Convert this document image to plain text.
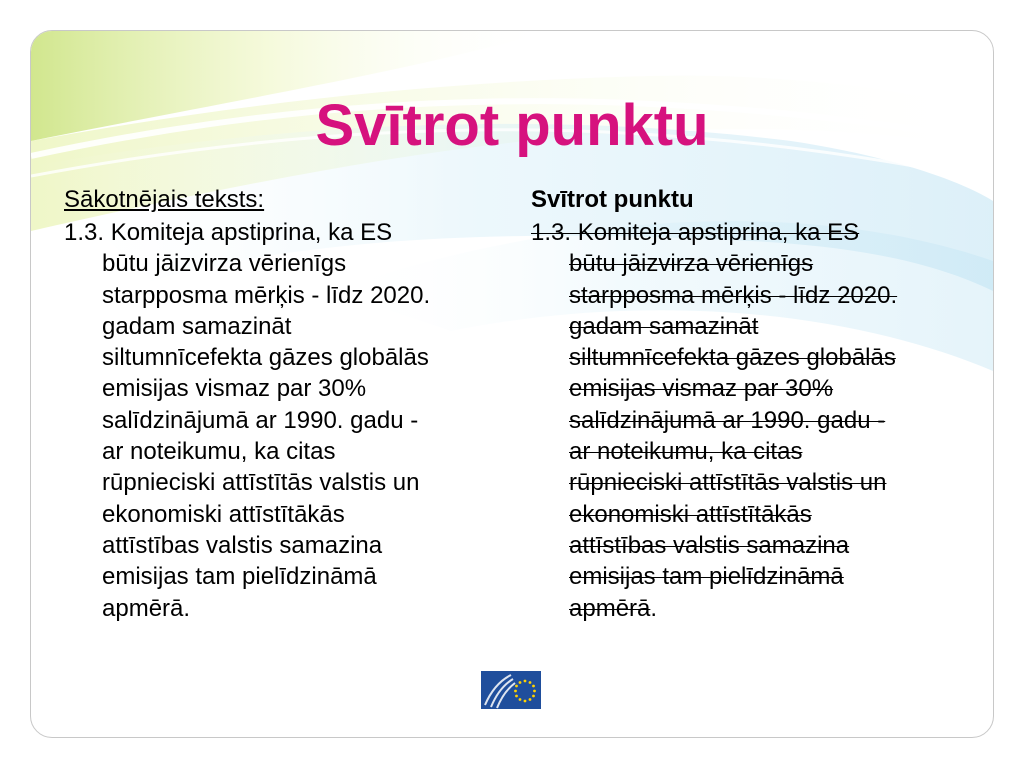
Svītrot punktu
Sākotnējais teksts:
1.3. Komiteja apstiprina, ka ES
būtu jāizvirza vērienīgs
starpposma mērķis - līdz 2020.
gadam samazināt
siltumnīcefekta gāzes globālās
emisijas vismaz par 30%
salīdzinājumā ar 1990. gadu -
ar noteikumu, ka citas
rūpnieciski attīstītās valstis un
ekonomiski attīstītākās
attīstības valstis samazina
emisijas tam pielīdzināmā
apmērā.
Svītrot punktu
1.3. Komiteja apstiprina, ka ES
būtu jāizvirza vērienīgs
starpposma mērķis - līdz 2020.
gadam samazināt
siltumnīcefekta gāzes globālās
emisijas vismaz par 30%
salīdzinājumā ar 1990. gadu -
ar noteikumu, ka citas
rūpnieciski attīstītās valstis un
ekonomiski attīstītākās
attīstības valstis samazina
emisijas tam pielīdzināmā
apmērā.
